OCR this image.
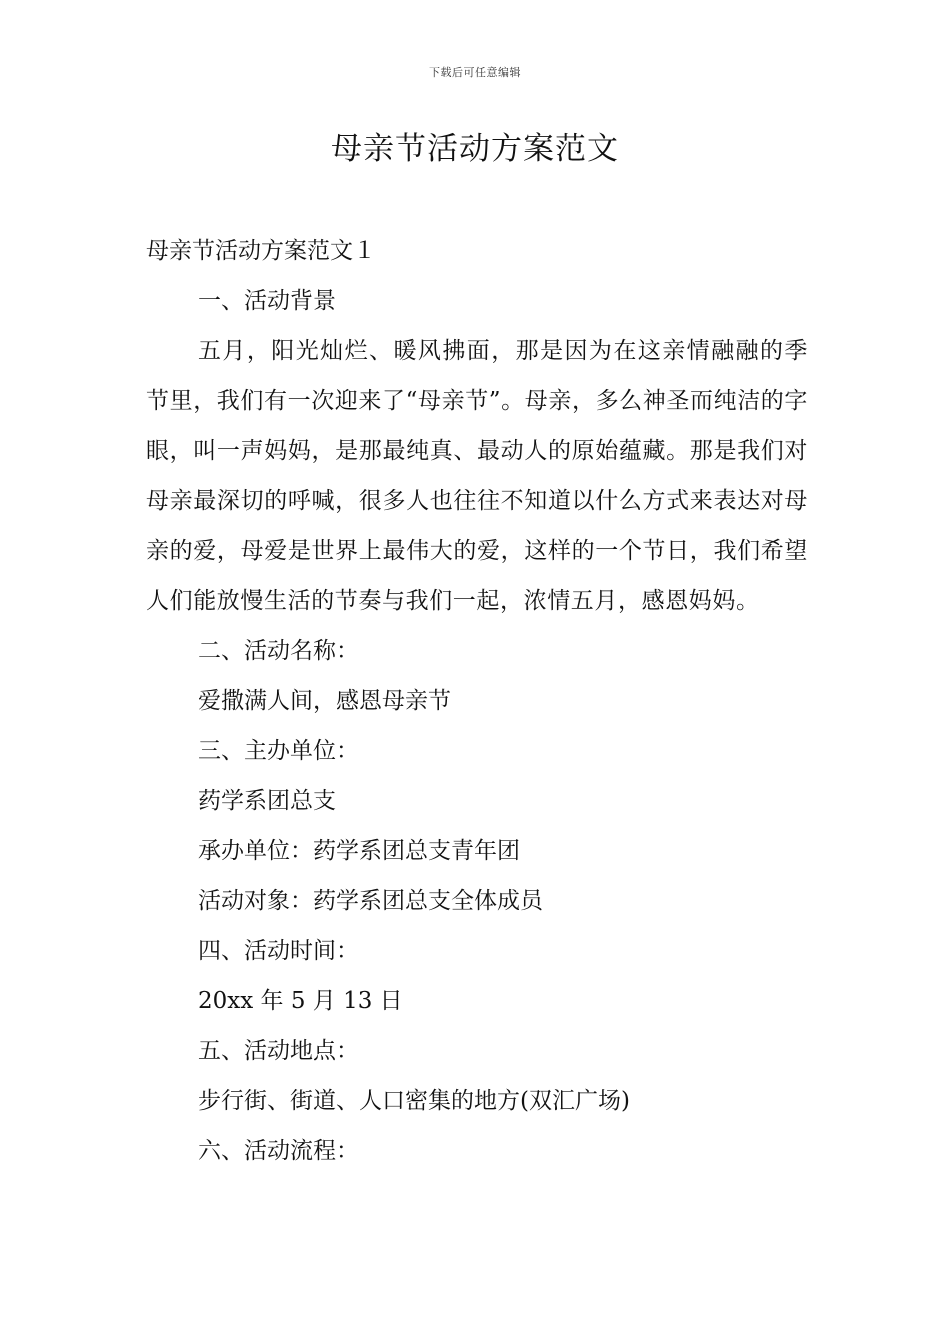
下载后可任意编辑
母亲节活动方案范文

母亲节活动方案范文１

一、活动背景

五月，阳光灿烂、暖风拂面，那是因为在这亲情融融的季节里，我们有一次迎来了“母亲节”。母亲，多么神圣而纯洁的字眼，叫一声妈妈，是那最纯真、最动人的原始蕴藏。那是我们对母亲最深切的呼喊，很多人也往往不知道以什么方式来表达对母亲的爱，母爱是世界上最伟大的爱，这样的一个节日，我们希望人们能放慢生活的节奏与我们一起，浓情五月，感恩妈妈。

二、活动名称：

爱撒满人间，感恩母亲节

三、主办单位：

药学系团总支

承办单位：药学系团总支青年团

活动对象：药学系团总支全体成员

四、活动时间：

20xx 年 5 月 13 日

五、活动地点：

步行街、街道、人口密集的地方(双汇广场)

六、活动流程：
